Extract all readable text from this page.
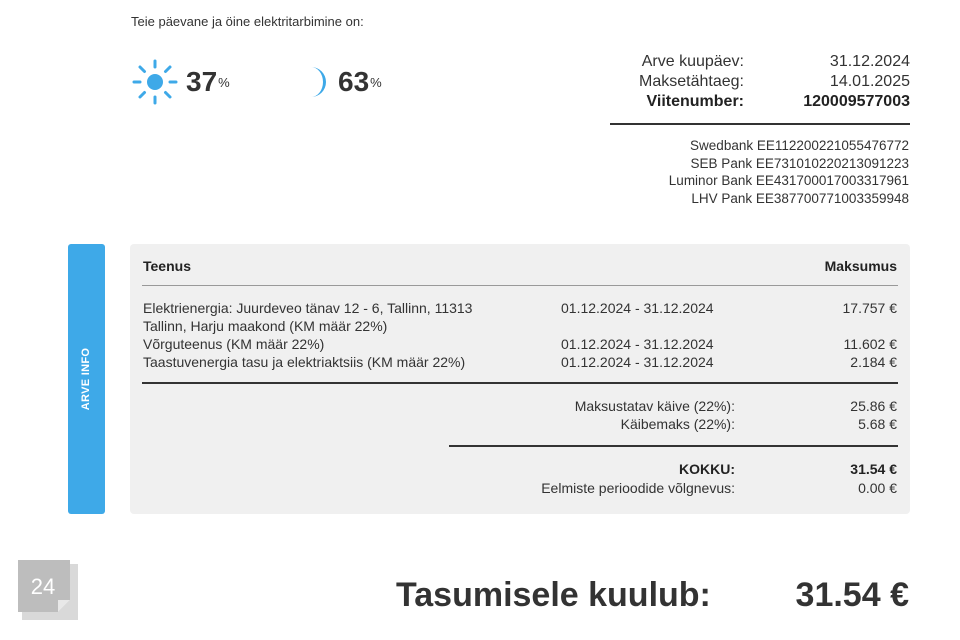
Teie päevane ja öine elektritarbimine on:
37 %	63 %
Arve kuupäev:	31.12.2024
Maksetähtaeg:	14.01.2025
Viitenumber:	120009577003
Swedbank EE112200221055476772
SEB Pank EE731010220213091223
Luminor Bank EE431700017003317961
LHV Pank EE387700771003359948
ARVE INFO
Teenus	Maksumus
Elektrienergia: Juurdeveo tänav 12 - 6, Tallinn, 11313
Tallinn, Harju maakond (KM määr 22%)
01.12.2024 - 31.12.2024	17.757 €
Võrguteenus (KM määr 22%)	01.12.2024 - 31.12.2024	11.602 €
Taastuvenergia tasu ja elektriaktsiis (KM määr 22%)	01.12.2024 - 31.12.2024	2.184 €
Maksustatav käive (22%):	25.86 €
Käibemaks (22%):	5.68 €
KOKKU:	31.54 €
Eelmiste perioodide võlgnevus:	0.00 €
24	Tasumisele kuulub: 31.54 €
